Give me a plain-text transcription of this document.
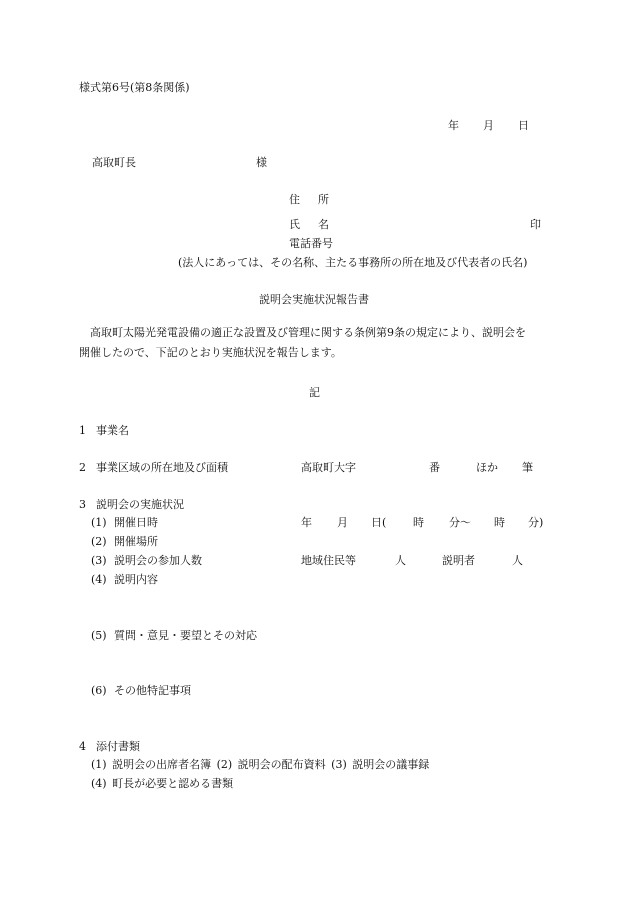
様式第6号(第8条関係)
年 月 日
高取町長	様
住 所
氏 名	印
電話番号
(法人にあっては、その名称、主たる事務所の所在地及び代表者の氏名)
説明会実施状況報告書
高取町太陽光発電設備の適正な設置及び管理に関する条例第9条の規定により、説明会を
開催したので、下記のとおり実施状況を報告します。
記
1 事業名
2 事業区域の所在地及び面積	高取町大字	番	ほか 筆
3 説明会の実施状況
(1) 開催日時	年 月 日( 時 分〜 時 分)
(2) 開催場所
(3) 説明会の参加人数	地域住民等	人	説明者	人
(4) 説明内容
(5) 質問・意見・要望とその対応
(6) その他特記事項
4 添付書類
(1) 説明会の出席者名簿 (2) 説明会の配布資料 (3) 説明会の議事録
(4) 町長が必要と認める書類
